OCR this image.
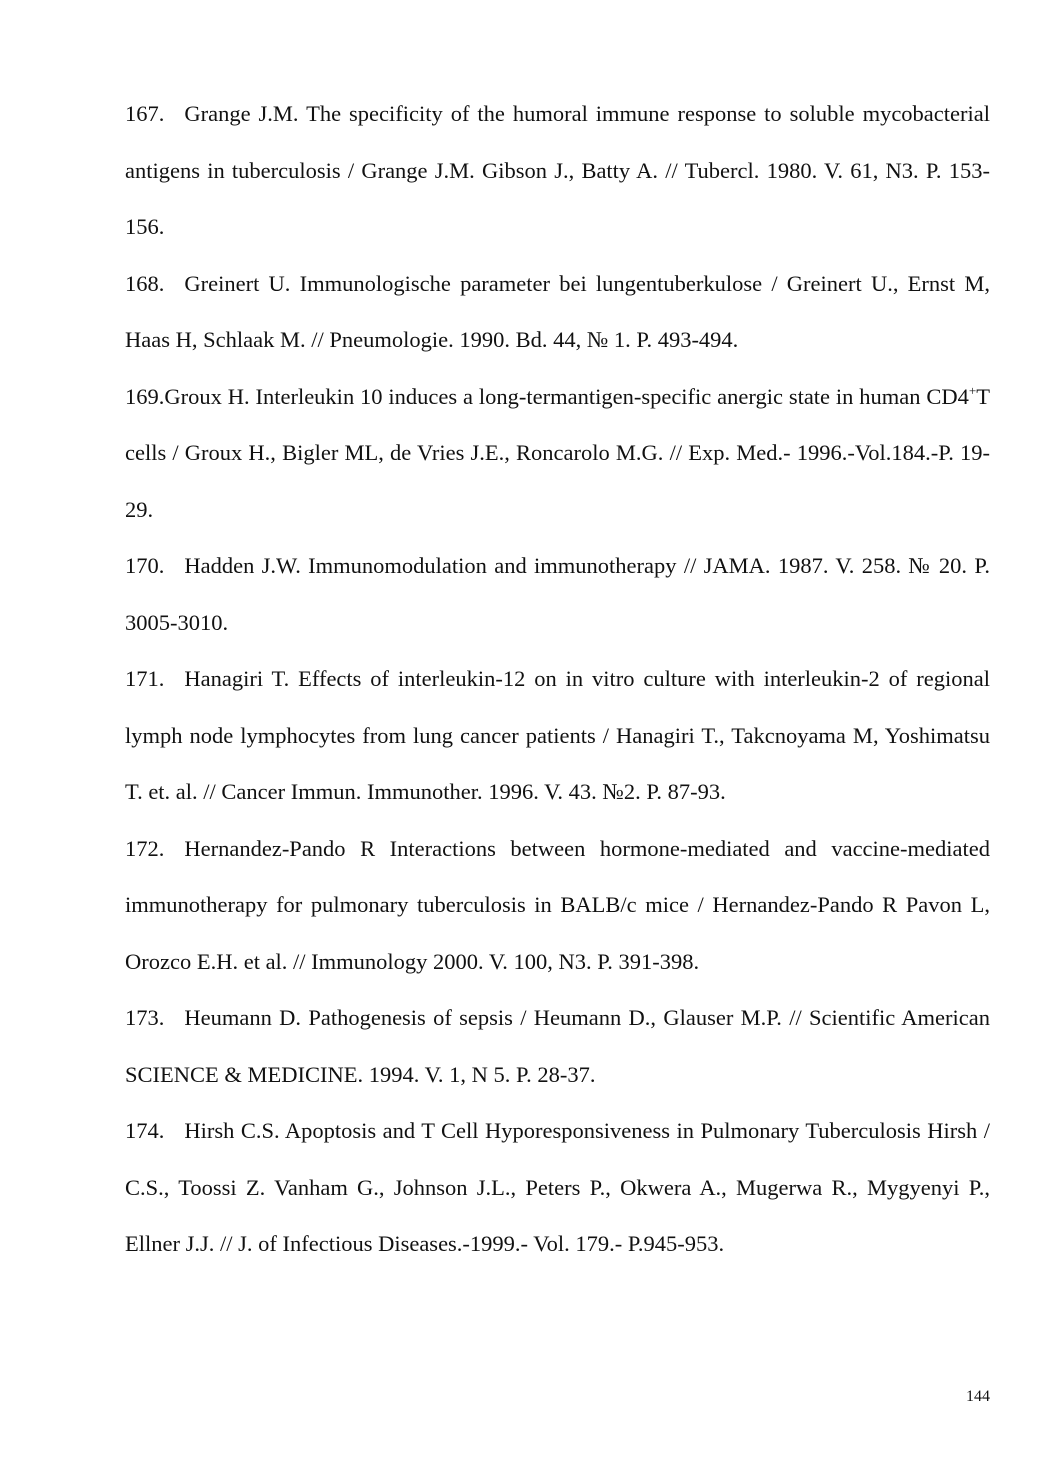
167. Grange J.M. The specificity of the humoral immune response to soluble mycobacterial antigens in tuberculosis / Grange J.M. Gibson J., Batty A. // Tubercl. 1980. V. 61, N3. P. 153-156.
168. Greinert U. Immunologische parameter bei lungentuberkulose / Greinert U., Ernst M, Haas H, Schlaak M. // Pneumologie. 1990. Bd. 44, № 1. P. 493-494.
169.Groux H. Interleukin 10 induces a long-termantigen-specific anergic state in human CD4+T cells / Groux H., Bigler ML, de Vries J.E., Roncarolo M.G. // Exp. Med.- 1996.-Vol.184.-P. 19-29.
170. Hadden J.W. Immunomodulation and immunotherapy // JAMA. 1987. V. 258. № 20. P. 3005-3010.
171. Hanagiri T. Effects of interleukin-12 on in vitro culture with interleukin-2 of regional lymph node lymphocytes from lung cancer patients / Hanagiri T., Takcnoyama M, Yoshimatsu T. et. al. // Cancer Immun. Immunother. 1996. V. 43. №2. P. 87-93.
172. Hernandez-Pando R Interactions between hormone-mediated and vaccine-mediated immunotherapy for pulmonary tuberculosis in BALB/c mice / Hernandez-Pando R Pavon L, Orozco E.H. et al. // Immunology 2000. V. 100, N3. P. 391-398.
173. Heumann D. Pathogenesis of sepsis / Heumann D., Glauser M.P. // Scientific American SCIENCE & MEDICINE. 1994. V. 1, N 5. P. 28-37.
174. Hirsh C.S. Apoptosis and T Cell Hyporesponsiveness in Pulmonary Tuberculosis Hirsh / C.S., Toossi Z. Vanham G., Johnson J.L., Peters P., Okwera A., Mugerwa R., Mygyenyi P., Ellner J.J. // J. of Infectious Diseases.-1999.- Vol. 179.- P.945-953.
144
